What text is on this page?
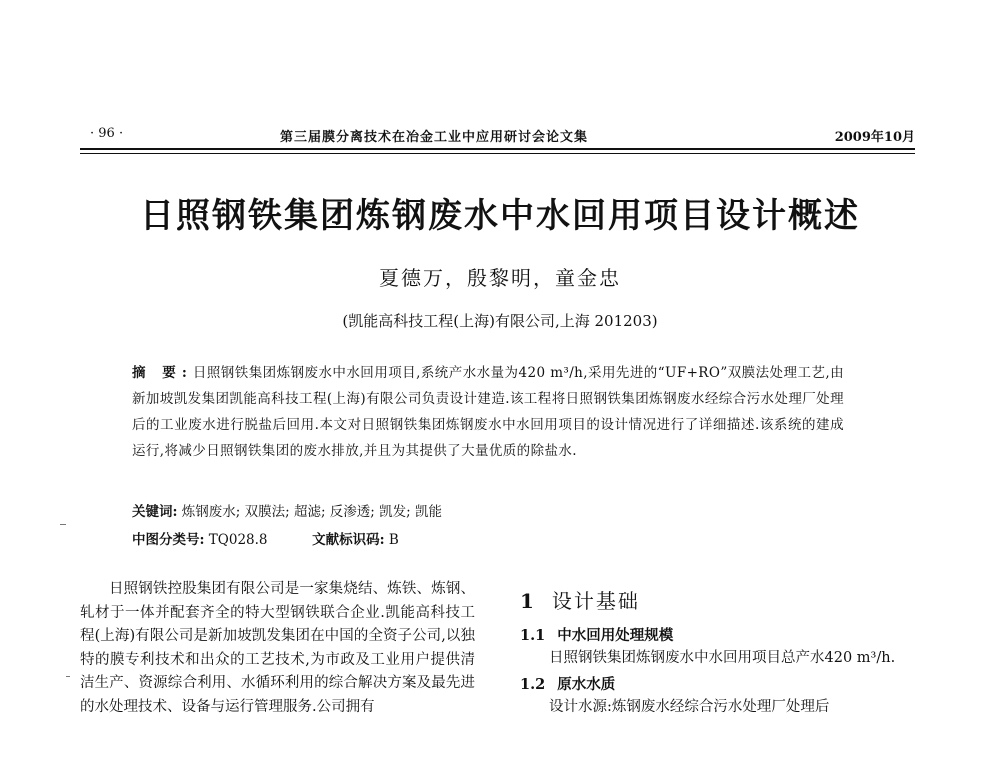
· 96 ·	第三届膜分离技术在冶金工业中应用研讨会论文集	2009年10月
日照钢铁集团炼钢废水中水回用项目设计概述
夏德万，殷黎明，童金忠
(凯能高科技工程(上海)有限公司,上海 201203)
摘 要:日照钢铁集团炼钢废水中水回用项目,系统产水水量为420 m³/h,采用先进的“UF+RO”双膜法处理工艺,由新加坡凯发集团凯能高科技工程(上海)有限公司负责设计建造.该工程将日照钢铁集团炼钢废水经综合污水处理厂处理后的工业废水进行脱盐后回用.本文对日照钢铁集团炼钢废水中水回用项目的设计情况进行了详细描述.该系统的建成运行,将减少日照钢铁集团的废水排放,并且为其提供了大量优质的除盐水.
关键词: 炼钢废水; 双膜法; 超滤; 反渗透; 凯发; 凯能
中图分类号: TQ028.8	文献标识码: B
日照钢铁控股集团有限公司是一家集烧结、炼铁、炼钢、轧材于一体并配套齐全的特大型钢铁联合企业.凯能高科技工程(上海)有限公司是新加坡凯发集团在中国的全资子公司,以独特的膜专利技术和出众的工艺技术,为市政及工业用户提供清洁生产、资源综合利用、水循环利用的综合解决方案及最先进的水处理技术、设备与运行管理服务.公司拥有
1 设计基础
1.1 中水回用处理规模
日照钢铁集团炼钢废水中水回用项目总产水420 m³/h.
1.2 原水水质
设计水源:炼钢废水经综合污水处理厂处理后
